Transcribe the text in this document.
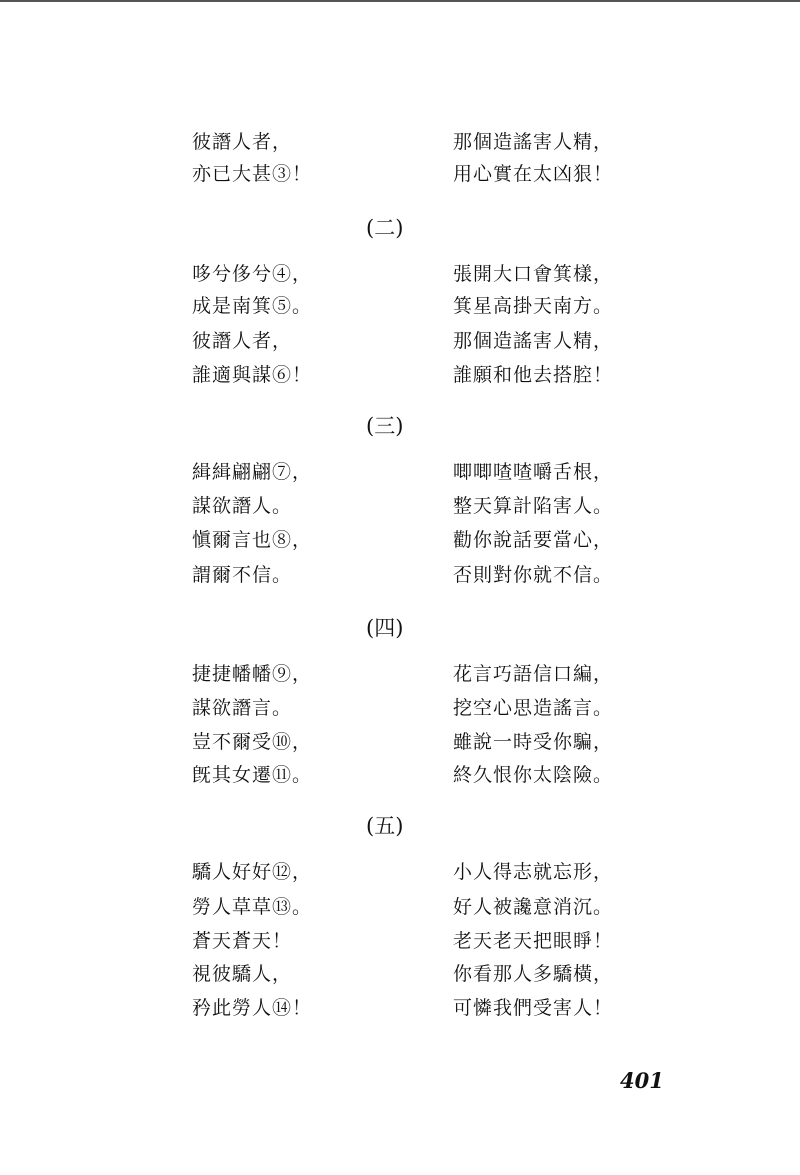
彼譖人者，
亦已大甚③！
那個造謠害人精，
用心實在太凶狠！
(二)
哆兮侈兮④，
成是南箕⑤。
彼譖人者，
誰適與謀⑥！
張開大口㑹箕樣，
箕星高掛天南方。
那個造謠害人精，
誰願和他去搭腔！
(三)
緝緝翩翩⑦，
謀欲譖人。
愼爾言也⑧，
謂爾不信。
唧唧喳喳嚼舌根，
整天算計陷害人。
勸你說話要當心，
否則對你就不信。
(四)
捷捷幡幡⑨，
謀欲譖言。
豈不爾受⑩，
旣其女遷⑪。
花言巧語信口編，
挖空心思造謠言。
雖說一時受你騙，
終久恨你太陰險。
(五)
驕人好好⑫，
勞人草草⑬。
蒼天蒼天！
視彼驕人，
矜此勞人⑭！
小人得志就忘形，
好人被讒意消沉。
老天老天把眼睜！
你看那人多驕橫，
可憐我們受害人！
401
